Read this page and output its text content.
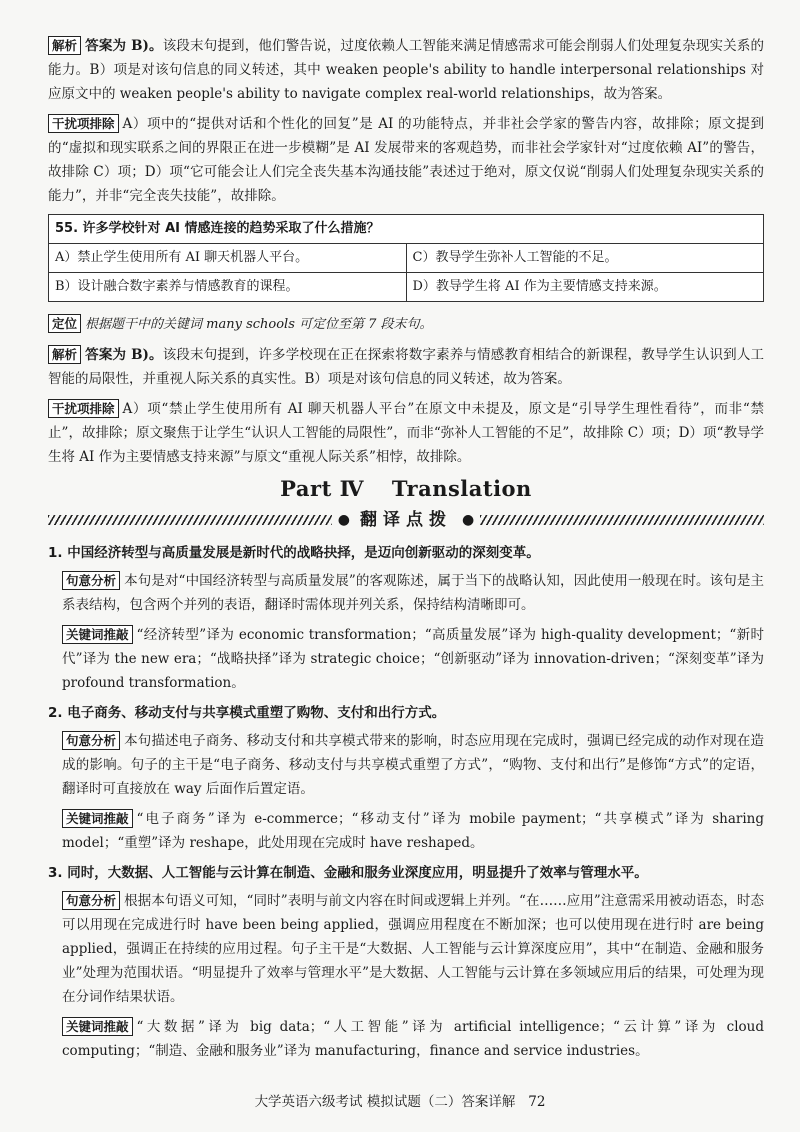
解析 答案为 B)。该段末句提到，他们警告说，过度依赖人工智能来满足情感需求可能会削弱人们处理复杂现实关系的能力。B）项是对该句信息的同义转述，其中 weaken people's ability to handle interpersonal relationships 对应原文中的 weaken people's ability to navigate complex real-world relationships，故为答案。

干扰项排除 A）项中的“提供对话和个性化的回复”是 AI 的功能特点，并非社会学家的警告内容，故排除；原文提到的“虚拟和现实联系之间的界限正在进一步模糊”是 AI 发展带来的客观趋势，而非社会学家针对“过度依赖 AI”的警告，故排除 C）项；D）项“它可能会让人们完全丧失基本沟通技能”表述过于绝对，原文仅说“削弱人们处理复杂现实关系的能力”，并非“完全丧失技能”，故排除。

55. 许多学校针对 AI 情感连接的趋势采取了什么措施？
A）禁止学生使用所有 AI 聊天机器人平台。	C）教导学生弥补人工智能的不足。
B）设计融合数字素养与情感教育的课程。	D）教导学生将 AI 作为主要情感支持来源。

定位 根据题干中的关键词 many schools 可定位至第 7 段末句。

解析 答案为 B)。该段末句提到，许多学校现在正在探索将数字素养与情感教育相结合的新课程，教导学生认识到人工智能的局限性，并重视人际关系的真实性。B）项是对该句信息的同义转述，故为答案。

干扰项排除 A）项“禁止学生使用所有 AI 聊天机器人平台”在原文中未提及，原文是“引导学生理性看待”，而非“禁止”，故排除；原文聚焦于让学生“认识人工智能的局限性”，而非“弥补人工智能的不足”，故排除 C）项；D）项“教导学生将 AI 作为主要情感支持来源”与原文“重视人际关系”相悖，故排除。

Part Ⅳ Translation
● 翻译点拨 ●
1. 中国经济转型与高质量发展是新时代的战略抉择，是迈向创新驱动的深刻变革。

句意分析 本句是对“中国经济转型与高质量发展”的客观陈述，属于当下的战略认知，因此使用一般现在时。该句是主系表结构，包含两个并列的表语，翻译时需体现并列关系，保持结构清晰即可。

关键词推敲 “经济转型”译为 economic transformation；“高质量发展”译为 high-quality development；“新时代”译为 the new era；“战略抉择”译为 strategic choice；“创新驱动”译为 innovation-driven；“深刻变革”译为 profound transformation。

2. 电子商务、移动支付与共享模式重塑了购物、支付和出行方式。

句意分析 本句描述电子商务、移动支付和共享模式带来的影响，时态应用现在完成时，强调已经完成的动作对现在造成的影响。句子的主干是“电子商务、移动支付与共享模式重塑了方式”，“购物、支付和出行”是修饰“方式”的定语，翻译时可直接放在 way 后面作后置定语。

关键词推敲 “电子商务”译为 e-commerce；“移动支付”译为 mobile payment；“共享模式”译为 sharing model；“重塑”译为 reshape，此处用现在完成时 have reshaped。

3. 同时，大数据、人工智能与云计算在制造、金融和服务业深度应用，明显提升了效率与管理水平。

句意分析 根据本句语义可知，“同时”表明与前文内容在时间或逻辑上并列。“在……应用”注意需采用被动语态，时态可以用现在完成进行时 have been being applied，强调应用程度在不断加深；也可以使用现在进行时 are being applied，强调正在持续的应用过程。句子主干是“大数据、人工智能与云计算深度应用”，其中“在制造、金融和服务业”处理为范围状语。“明显提升了效率与管理水平”是大数据、人工智能与云计算在多领域应用后的结果，可处理为现在分词作结果状语。

关键词推敲 “大数据”译为 big data；“人工智能”译为 artificial intelligence；“云计算”译为 cloud computing；“制造、金融和服务业”译为 manufacturing，finance and service industries。

大学英语六级考试 模拟试题（二）答案详解 72
